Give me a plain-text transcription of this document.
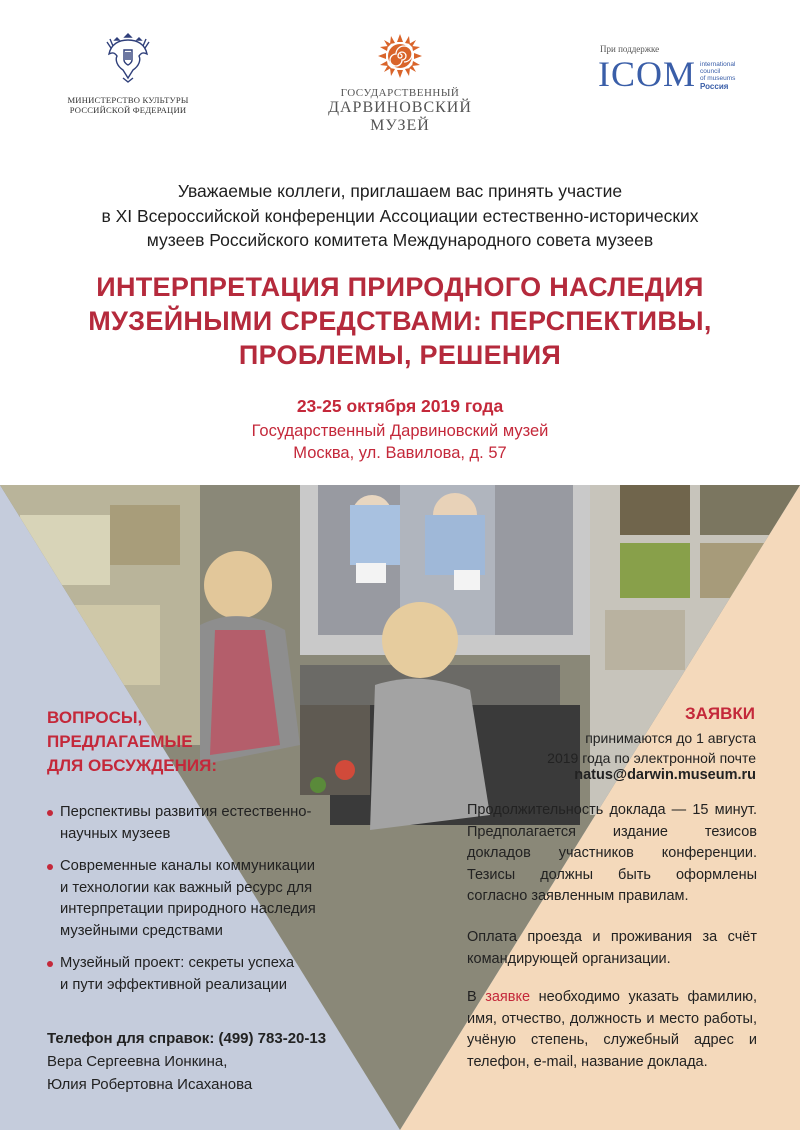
МИНИСТЕРСТВО КУЛЬТУРЫ
РОССИЙСКОЙ ФЕДЕРАЦИИ
ГОСУДАРСТВЕННЫЙ
ДАРВИНОВСКИЙ
МУЗЕЙ
При поддержке
ICOM international
council
of museums
Россия
Уважаемые коллеги, приглашаем вас принять участие
в XI Всероссийской конференции Ассоциации естественно-исторических
музеев Российского комитета Международного совета музеев
ИНТЕРПРЕТАЦИЯ ПРИРОДНОГО НАСЛЕДИЯ
МУЗЕЙНЫМИ СРЕДСТВАМИ: ПЕРСПЕКТИВЫ,
ПРОБЛЕМЫ, РЕШЕНИЯ
23-25 октября 2019 года
Государственный Дарвиновский музей
Москва, ул. Вавилова, д. 57
ВОПРОСЫ,
ПРЕДЛАГАЕМЫЕ
ДЛЯ ОБСУЖДЕНИЯ:
Перспективы развития естественно-
научных музеев
Современные каналы коммуникации
и технологии как важный ресурс для
интерпретации природного наследия
музейными средствами
Музейный проект: секреты успеха
и пути эффективной реализации
Телефон для справок: (499) 783-20-13
Вера Сергеевна Ионкина,
Юлия Робертовна Исаханова
ЗАЯВКИ
принимаются до 1 августа
2019 года по электронной почте
natus@darwin.museum.ru
Продолжительность доклада — 15 минут. Предполагается издание тезисов докладов участников конференции. Тезисы должны быть оформлены согласно заявленным правилам.
Оплата проезда и проживания за счёт командирующей организации.
В заявке необходимо указать фамилию, имя, отчество, должность и место работы, учёную степень, служебный адрес и телефон, e-mail, название доклада.
